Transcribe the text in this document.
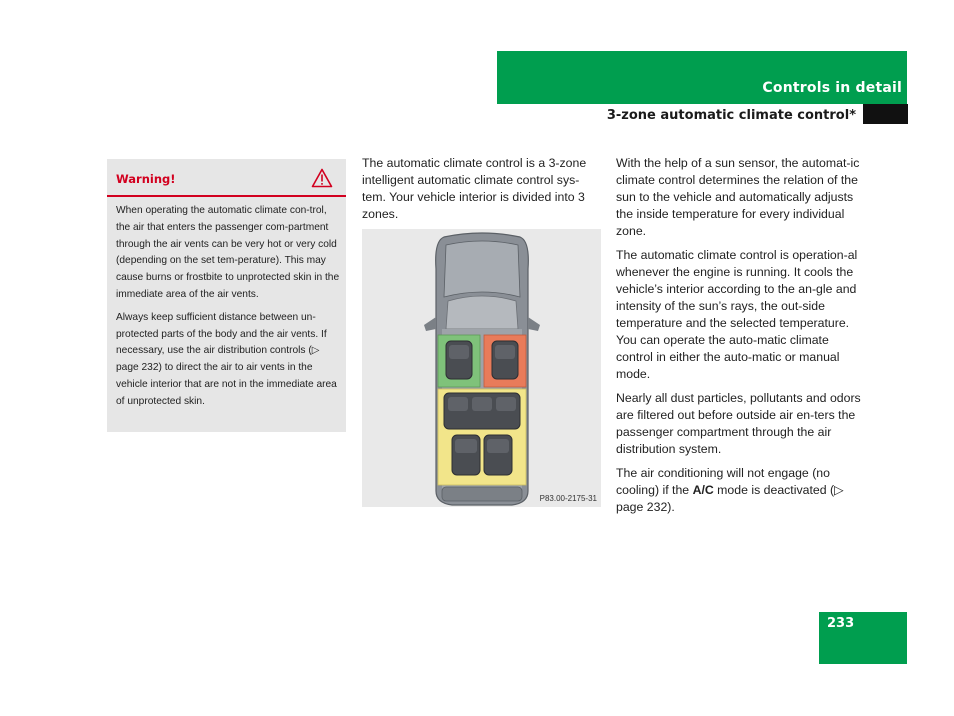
Controls in detail
3-zone automatic climate control*
Warning!

When operating the automatic climate con-trol, the air that enters the passenger com-partment through the air vents can be very hot or very cold (depending on the set tem-perature). This may cause burns or frostbite to unprotected skin in the immediate area of the air vents.

Always keep sufficient distance between un-protected parts of the body and the air vents. If necessary, use the air distribution controls (▷ page 232) to direct the air to air vents in the vehicle interior that are not in the immediate area of unprotected skin.

The automatic climate control is a 3-zone intelligent automatic climate control sys-tem. Your vehicle interior is divided into 3 zones.

P83.00-2175-31

With the help of a sun sensor, the automat-ic climate control determines the relation of the sun to the vehicle and automatically adjusts the inside temperature for every individual zone.

The automatic climate control is operation-al whenever the engine is running. It cools the vehicle’s interior according to the an-gle and intensity of the sun’s rays, the out-side temperature and the selected temperature. You can operate the auto-matic climate control in either the auto-matic or manual mode.

Nearly all dust particles, pollutants and odors are filtered out before outside air en-ters the passenger compartment through the air distribution system.

The air conditioning will not engage (no cooling) if the A/C mode is deactivated (▷ page 232).

233
